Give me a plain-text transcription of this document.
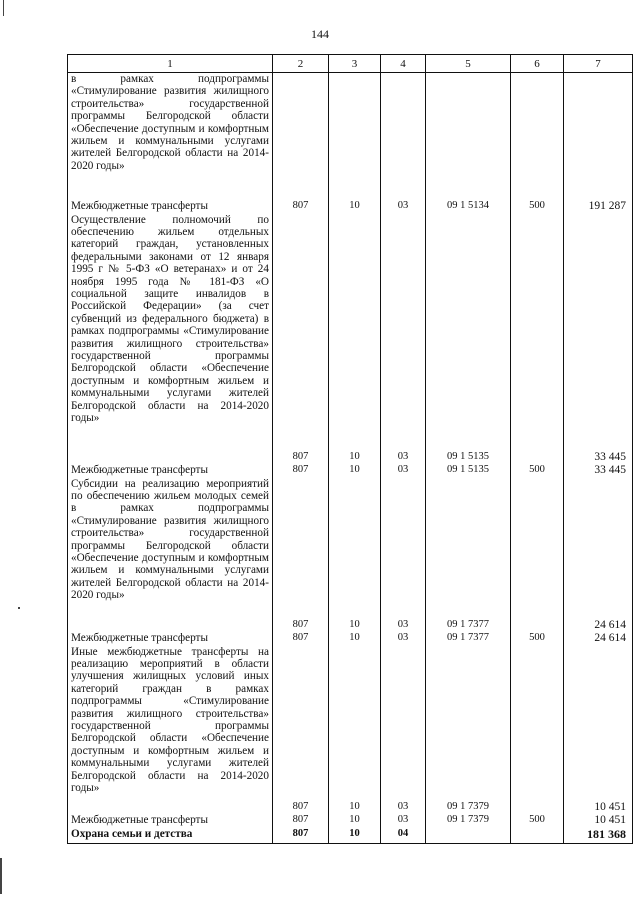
144
1	2	3	4	5	6	7
в рамках подпрограммы «Стимулирование развития жилищного строительства» государственной программы Белгородской области «Обеспечение доступным и комфортным жильем и коммунальными услугами жителей Белгородской области на 2014-2020 годы»						
Межбюджетные трансферты	807	10	03	09 1 5134	500	191 287
Осуществление полномочий по обеспечению жильем отдельных категорий граждан, установленных федеральными законами от 12 января 1995 г № 5-ФЗ «О ветеранах» и от 24 ноября 1995 года № 181-ФЗ «О социальной защите инвалидов в Российской Федерации» (за счет субвенций из федерального бюджета) в рамках подпрограммы «Стимулирование развития жилищного строительства» государственной программы Белгородской области «Обеспечение доступным и комфортным жильем и коммунальными услугами жителей Белгородской области на 2014-2020 годы»	807	10	03	09 1 5135		33 445
Межбюджетные трансферты	807	10	03	09 1 5135	500	33 445
Субсидии на реализацию мероприятий по обеспечению жильем молодых семей в рамках подпрограммы «Стимулирование развития жилищного строительства» государственной программы Белгородской области «Обеспечение доступным и комфортным жильем и коммунальными услугами жителей Белгородской области на 2014-2020 годы»	807	10	03	09 1 7377		24 614
Межбюджетные трансферты	807	10	03	09 1 7377	500	24 614
Иные межбюджетные трансферты на реализацию мероприятий в области улучшения жилищных условий иных категорий граждан в рамках подпрограммы «Стимулирование развития жилищного строительства» государственной программы Белгородской области «Обеспечение доступным и комфортным жильем и коммунальными услугами жителей Белгородской области на 2014-2020 годы»	807	10	03	09 1 7379		10 451
Межбюджетные трансферты	807	10	03	09 1 7379	500	10 451
Охрана семьи и детства	807	10	04			181 368
